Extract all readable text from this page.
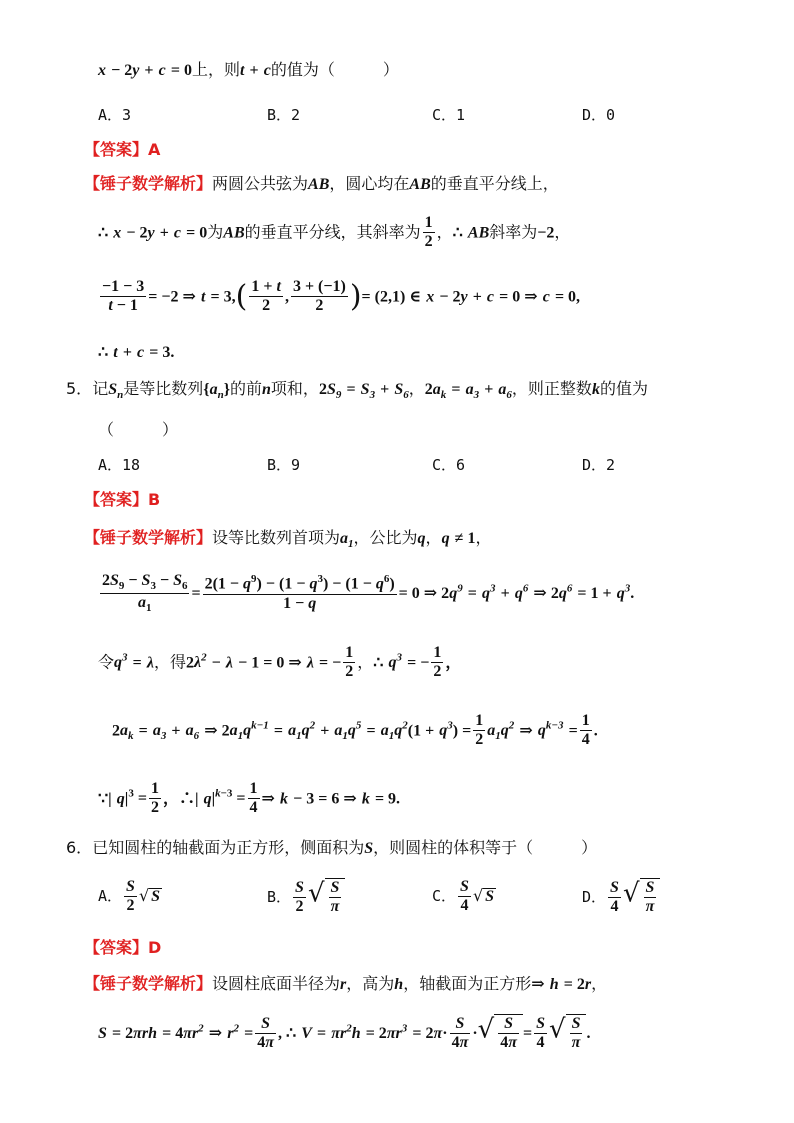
x − 2y + c = 0上，则t + c的值为（　　　）
A．3	B．2	C．1	D．0
【答案】A
【锤子数学解析】两圆公共弦为AB，圆心均在AB的垂直平分线上，
∴ x − 2y + c = 0为AB的垂直平分线，其斜率为 $\frac{1}{2}$ ，∴ AB斜率为−2，
$\frac{-1 - 3}{t - 1} = -2$ ⇒ $t = 3,( \frac{1 + t}{2}$ , $\frac{3 + (-1)}{2}$ )= (2,1) ∈ x − 2y + c = 0 ⇒ c = 0,
∴ t + c = 3.
5．记$S_n$是等比数列$\{a_n\}$的前n项和，$2S_9 = S_3 + S_6$，$2a_k = a_3 + a_6$，则正整数k的值为
（　　　）
A．18	B．9	C．6	D．2
【答案】B
【锤子数学解析】设等比数列首项为$a_1$，公比为q，q ≠ 1，
$\frac{2S_9 - S_3 - S_6}{a_1} = \frac{2(1 - q^9) - (1 - q^3) - (1 - q^6)}{1 - q} = 0$ ⇒ $2q^9 = q^3 + q^6$ ⇒ $2q^6 = 1 + q^3$.
令$q^3 = \lambda$，得$2\lambda^2 - \lambda - 1 = 0$ ⇒ λ = − $\frac{1}{2}$ ，∴ $q^3$ = − $\frac{1}{2}$ ，
$2a_k = a_3 + a_6$ ⇒ $2a_1q^{k-1} = a_1q^2 + a_1q^5 = a_1q^2(1 + q^3) = \frac{1}{2} a_1q^2$ ⇒ $q^{k-3} = \frac{1}{4}$ .
∵| $q|^3 = \frac{1}{2}$ ，∴| $q|^{k-3} = \frac{1}{4}$ ⇒ k − 3 = 6 ⇒ k = 9.
6．已知圆柱的轴截面为正方形，侧面积为S，则圆柱的体积等于（　　　）
A． $\frac{S}{2}$ √ S	B． $\frac{S}{2}$ √ $\frac{S}{\pi}$	C． $\frac{S}{4}$ √ S	D． $\frac{S}{4}$ √ $\frac{S}{\pi}$
【答案】D
【锤子数学解析】设圆柱底面半径为r，高为h，轴截面为正方形⇒ h = 2r，
$S = 2\pi rh = 4\pi r^2$ ⇒ $r^2 = \frac{S}{4\pi}$ , ∴ $V = \pi r^2h = 2\pi r^3 = 2\pi\cdot \frac{S}{4\pi}$ ·√ $\frac{S}{4\pi} = \frac{S}{4}$ √ $\frac{S}{\pi}$ .
